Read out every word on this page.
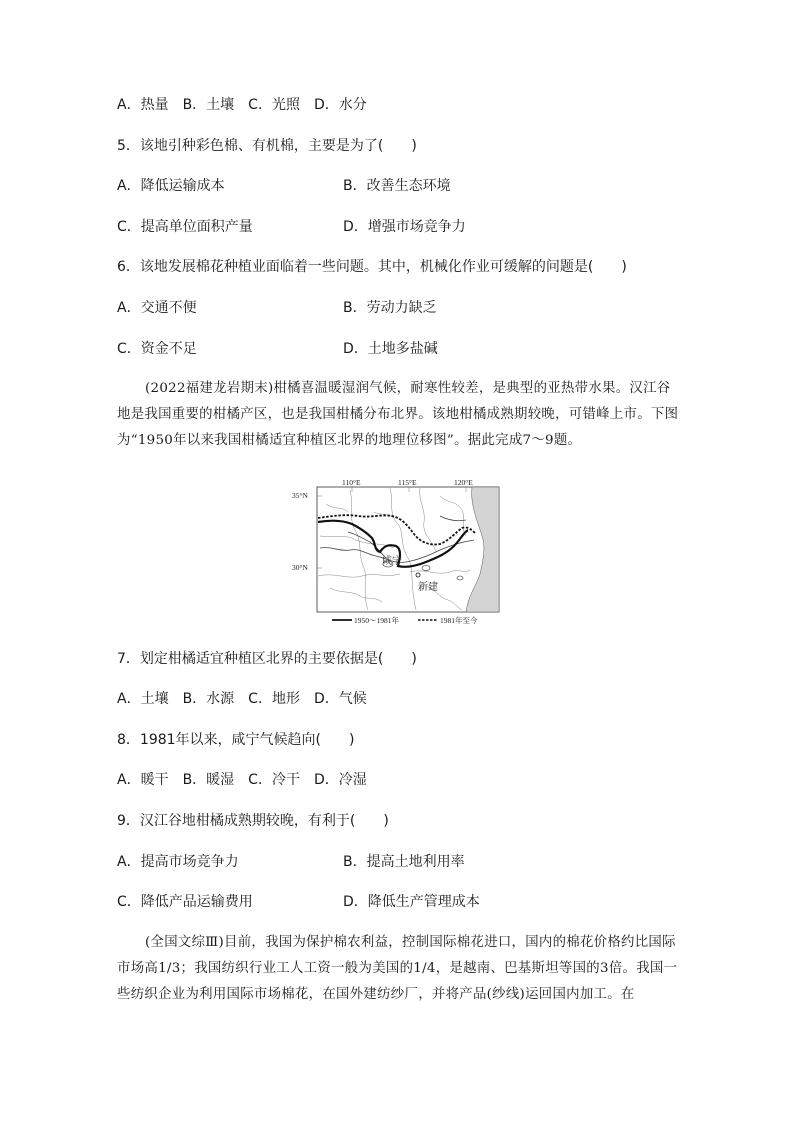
A．热量　B．土壤　C．光照　D．水分
5．该地引种彩色棉、有机棉，主要是为了(　　)
A．降低运输成本	B．改善生态环境
C．提高单位面积产量	D．增强市场竞争力
6．该地发展棉花种植业面临着一些问题。其中，机械化作业可缓解的问题是(　　)
A．交通不便	B．劳动力缺乏
C．资金不足	D．土地多盐碱
(2022福建龙岩期末)柑橘喜温暖湿润气候，耐寒性较差，是典型的亚热带水果。汉江谷地是我国重要的柑橘产区，也是我国柑橘分布北界。该地柑橘成熟期较晚，可错峰上市。下图为“1950年以来我国柑橘适宜种植区北界的地理位移图”。据此完成7～9题。
110°E	115°E	120°E
35°N
30°N
咸宁
新建
1950～1981年	1981年至今
7．划定柑橘适宜种植区北界的主要依据是(　　)
A．土壤　B．水源　C．地形　D．气候
8．1981年以来，咸宁气候趋向(　　)
A．暖干　B．暖湿　C．冷干　D．冷湿
9．汉江谷地柑橘成熟期较晚，有利于(　　)
A．提高市场竞争力	B．提高土地利用率
C．降低产品运输费用	D．降低生产管理成本
(全国文综Ⅲ)目前，我国为保护棉农利益，控制国际棉花进口，国内的棉花价格约比国际市场高1/3；我国纺织行业工人工资一般为美国的1/4，是越南、巴基斯坦等国的3倍。我国一些纺织企业为利用国际市场棉花，在国外建纺纱厂，并将产品(纱线)运回国内加工。在
